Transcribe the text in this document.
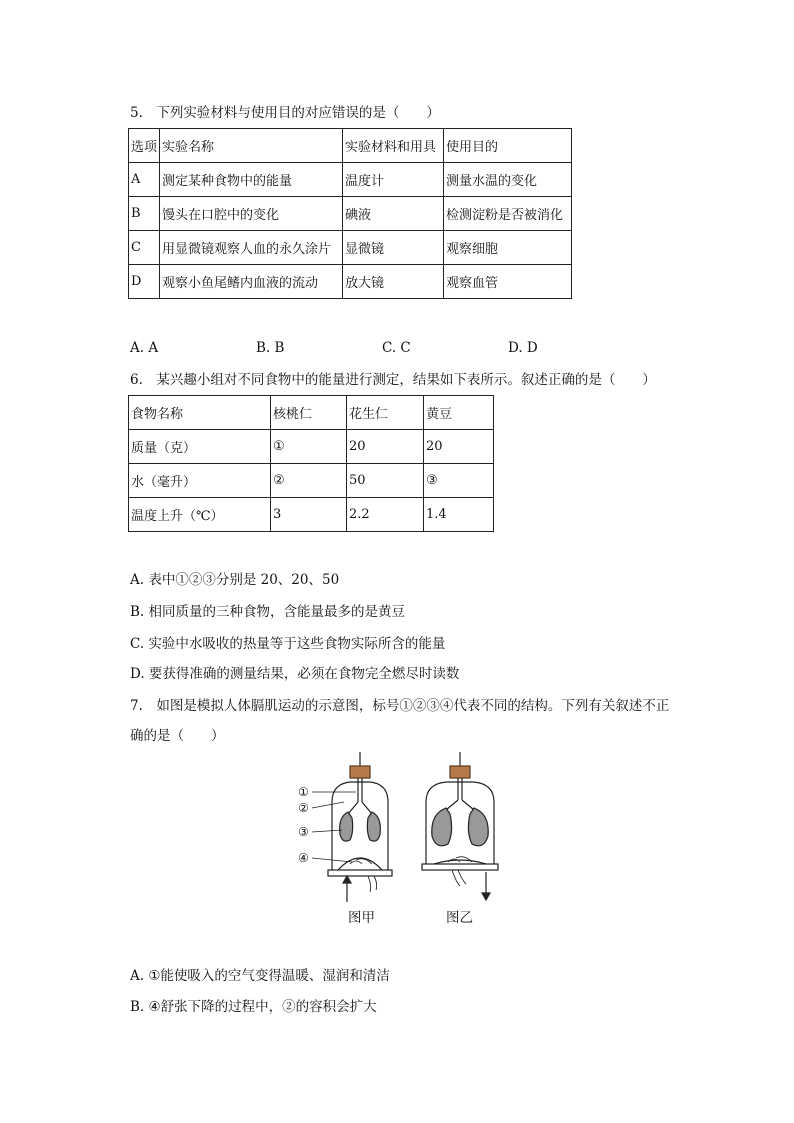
5.　下列实验材料与使用目的对应错误的是（　　）
选项	实验名称	实验材料和用具	使用目的
A	测定某种食物中的能量	温度计	测量水温的变化
B	馒头在口腔中的变化	碘液	检测淀粉是否被消化
C	用显微镜观察人血的永久涂片	显微镜	观察细胞
D	观察小鱼尾鳍内血液的流动	放大镜	观察血管
A. A	B. B	C. C	D. D
6.　某兴趣小组对不同食物中的能量进行测定，结果如下表所示。叙述正确的是（　　）
食物名称	核桃仁	花生仁	黄豆
质量（克）	①	20	20
水（毫升）	②	50	③
温度上升（℃）	3	2.2	1.4
A. 表中①②③分别是 20、20、50
B. 相同质量的三种食物，含能量最多的是黄豆
C. 实验中水吸收的热量等于这些食物实际所含的能量
D. 要获得准确的测量结果，必须在食物完全燃尽时读数
7.　如图是模拟人体膈肌运动的示意图，标号①②③④代表不同的结构。下列有关叙述不正
确的是（　　）
①
②
③
④
图甲	图乙
A. ①能使吸入的空气变得温暖、湿润和清洁
B. ④舒张下降的过程中，②的容积会扩大
